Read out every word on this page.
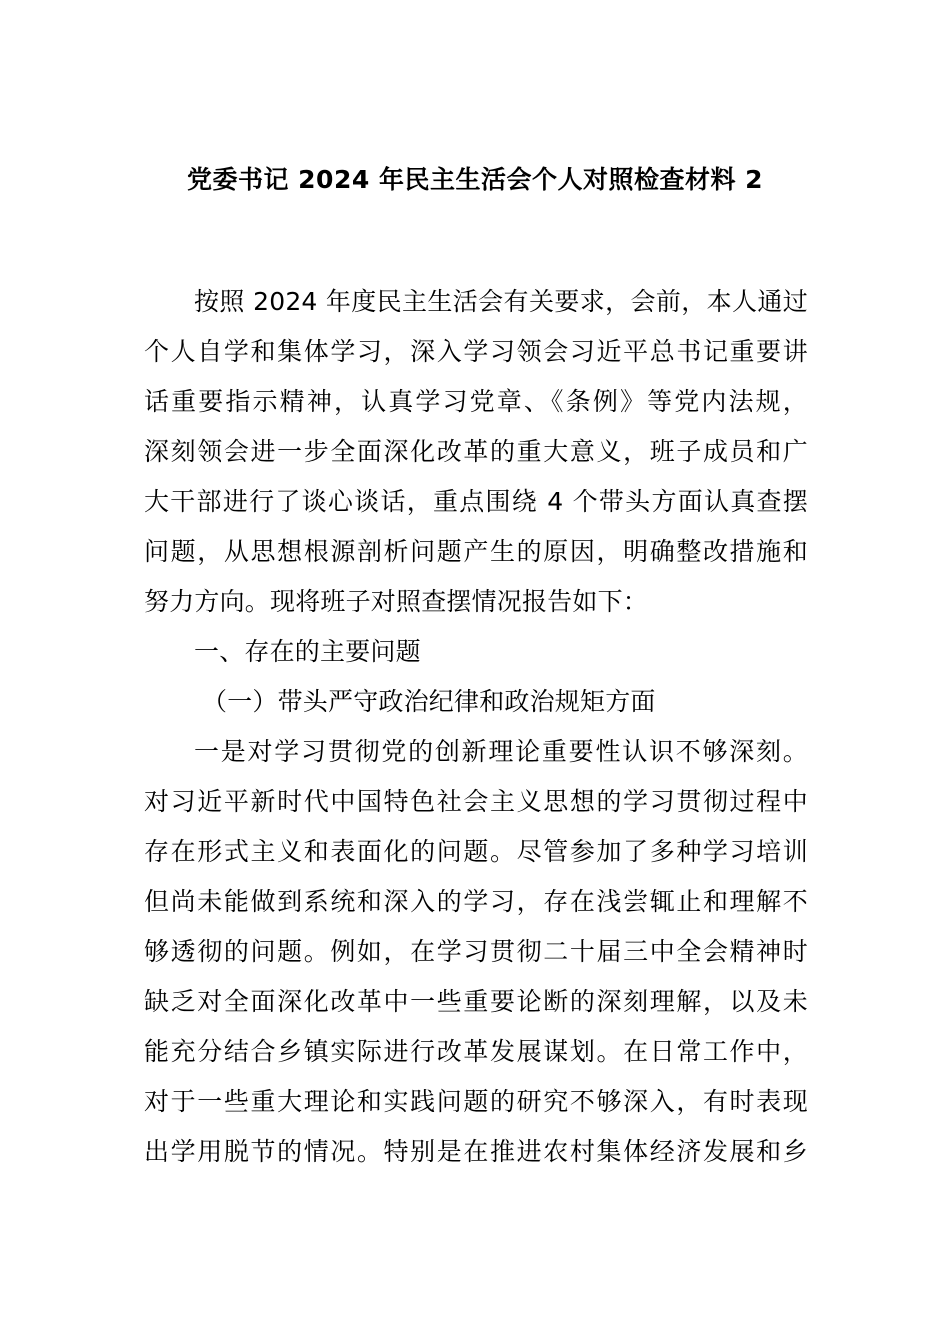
党委书记 2024 年民主生活会个人对照检查材料 2
按照 2024 年度民主生活会有关要求，会前，本人通过
个人自学和集体学习，深入学习领会习近平总书记重要讲
话重要指示精神，认真学习党章、《条例》等党内法规，
深刻领会进一步全面深化改革的重大意义，班子成员和广
大干部进行了谈心谈话，重点围绕 4 个带头方面认真查摆
问题，从思想根源剖析问题产生的原因，明确整改措施和
努力方向。现将班子对照查摆情况报告如下：
一、存在的主要问题
（一）带头严守政治纪律和政治规矩方面
一是对学习贯彻党的创新理论重要性认识不够深刻。
对习近平新时代中国特色社会主义思想的学习贯彻过程中
存在形式主义和表面化的问题。尽管参加了多种学习培训
但尚未能做到系统和深入的学习，存在浅尝辄止和理解不
够透彻的问题。例如，在学习贯彻二十届三中全会精神时
缺乏对全面深化改革中一些重要论断的深刻理解，以及未
能充分结合乡镇实际进行改革发展谋划。在日常工作中，
对于一些重大理论和实践问题的研究不够深入，有时表现
出学用脱节的情况。特别是在推进农村集体经济发展和乡
